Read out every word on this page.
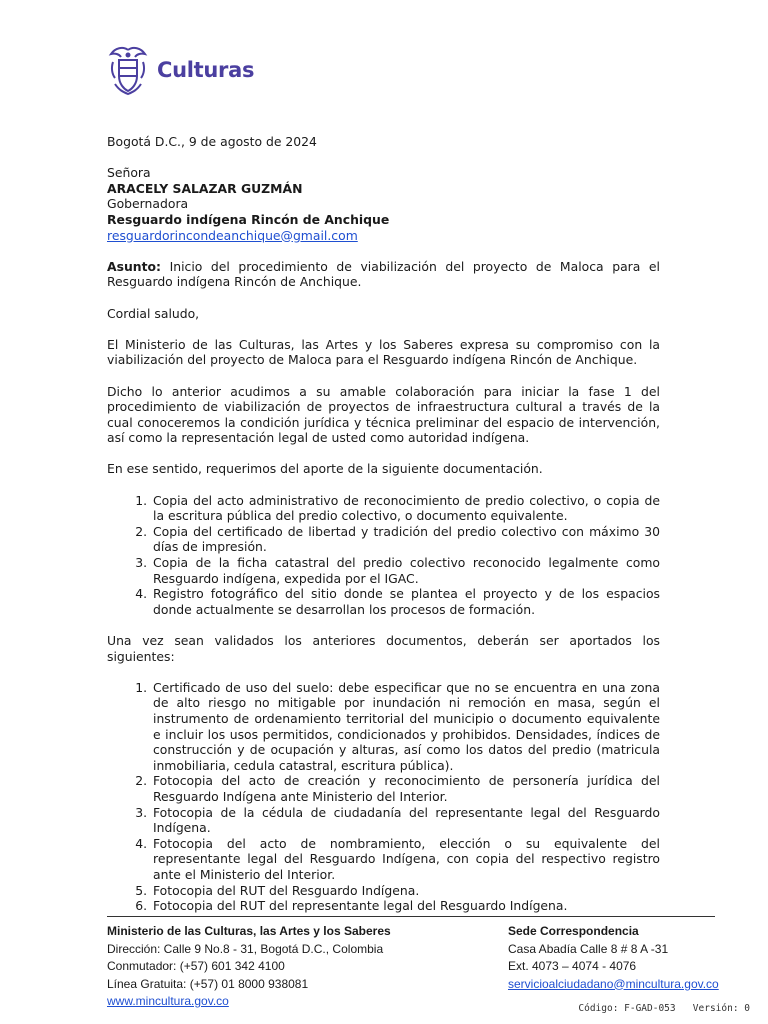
Culturas

Bogotá D.C., 9 de agosto de 2024

Señora

ARACELY SALAZAR GUZMÁN

Gobernadora

Resguardo indígena Rincón de Anchique

resguardorincondeanchique@gmail.com

Asunto: Inicio del procedimiento de viabilización del proyecto de Maloca para el Resguardo indígena Rincón de Anchique.

Cordial saludo,

El Ministerio de las Culturas, las Artes y los Saberes expresa su compromiso con la viabilización del proyecto de Maloca para el Resguardo indígena Rincón de Anchique.

Dicho lo anterior acudimos a su amable colaboración para iniciar la fase 1 del procedimiento de viabilización de proyectos de infraestructura cultural a través de la cual conoceremos la condición jurídica y técnica preliminar del espacio de intervención, así como la representación legal de usted como autoridad indígena.

En ese sentido, requerimos del aporte de la siguiente documentación.

1. Copia del acto administrativo de reconocimiento de predio colectivo, o copia de la escritura pública del predio colectivo, o documento equivalente.
2. Copia del certificado de libertad y tradición del predio colectivo con máximo 30 días de impresión.
3. Copia de la ficha catastral del predio colectivo reconocido legalmente como Resguardo indígena, expedida por el IGAC.
4. Registro fotográfico del sitio donde se plantea el proyecto y de los espacios donde actualmente se desarrollan los procesos de formación.

Una vez sean validados los anteriores documentos, deberán ser aportados los siguientes:

1. Certificado de uso del suelo: debe especificar que no se encuentra en una zona de alto riesgo no mitigable por inundación ni remoción en masa, según el instrumento de ordenamiento territorial del municipio o documento equivalente e incluir los usos permitidos, condicionados y prohibidos. Densidades, índices de construcción y de ocupación y alturas, así como los datos del predio (matricula inmobiliaria, cedula catastral, escritura pública).
2. Fotocopia del acto de creación y reconocimiento de personería jurídica del Resguardo Indígena ante Ministerio del Interior.
3. Fotocopia de la cédula de ciudadanía del representante legal del Resguardo Indígena.
4. Fotocopia del acto de nombramiento, elección o su equivalente del representante legal del Resguardo Indígena, con copia del respectivo registro ante el Ministerio del Interior.
5. Fotocopia del RUT del Resguardo Indígena.
6. Fotocopia del RUT del representante legal del Resguardo Indígena.
Ministerio de las Culturas, las Artes y los Saberes
Dirección: Calle 9 No.8 - 31, Bogotá D.C., Colombia
Conmutador: (+57) 601 342 4100
Línea Gratuita: (+57) 01 8000 938081
www.mincultura.gov.co
Sede Correspondencia
Casa Abadía Calle 8 # 8 A -31
Ext. 4073 – 4074 - 4076
servicioalciudadano@mincultura.gov.co
Código: F-GAD-053 Versión: 0
